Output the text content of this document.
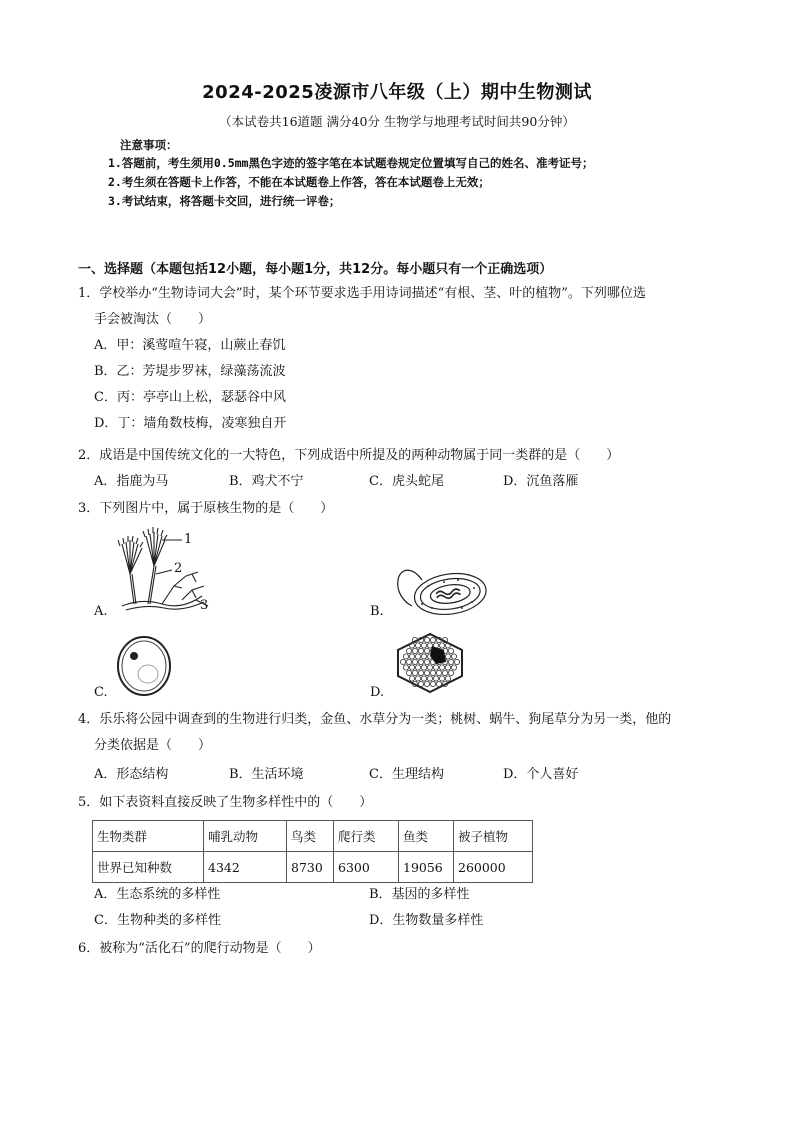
2024-2025凌源市八年级（上）期中生物测试
（本试卷共16道题 满分40分 生物学与地理考试时间共90分钟）
注意事项：
1.答题前，考生须用0.5mm黑色字迹的签字笔在本试题卷规定位置填写自己的姓名、准考证号；
2.考生须在答题卡上作答，不能在本试题卷上作答，答在本试题卷上无效；
3.考试结束，将答题卡交回，进行统一评卷；
一、选择题（本题包括12小题，每小题1分，共12分。每小题只有一个正确选项）
1．学校举办“生物诗词大会”时，某个环节要求选手用诗词描述“有根、茎、叶的植物”。下列哪位选
手会被淘汰（　　）
A．甲：溪莺喧午寝，山蕨止春饥
B．乙：芳堤步罗袜，绿藻荡流波
C．丙：亭亭山上松，瑟瑟谷中风
D．丁：墙角数枝梅，凌寒独自开
2．成语是中国传统文化的一大特色，下列成语中所提及的两种动物属于同一类群的是（　　）
A．指鹿为马	B．鸡犬不宁	C．虎头蛇尾	D．沉鱼落雁
3．下列图片中，属于原核生物的是（　　）
1
2
3
A.	B.
C.	D.
4．乐乐将公园中调查到的生物进行归类，金鱼、水草分为一类；桃树、蜗牛、狗尾草分为另一类，他的
分类依据是（　　）
A．形态结构	B．生活环境	C．生理结构	D．个人喜好
5．如下表资料直接反映了生物多样性中的（　　）
生物类群	哺乳动物	鸟类	爬行类	鱼类	被子植物
世界已知种数	4342	8730	6300	19056	260000
A．生态系统的多样性	B．基因的多样性
C．生物种类的多样性	D．生物数量多样性
6．被称为“活化石”的爬行动物是（　　）
